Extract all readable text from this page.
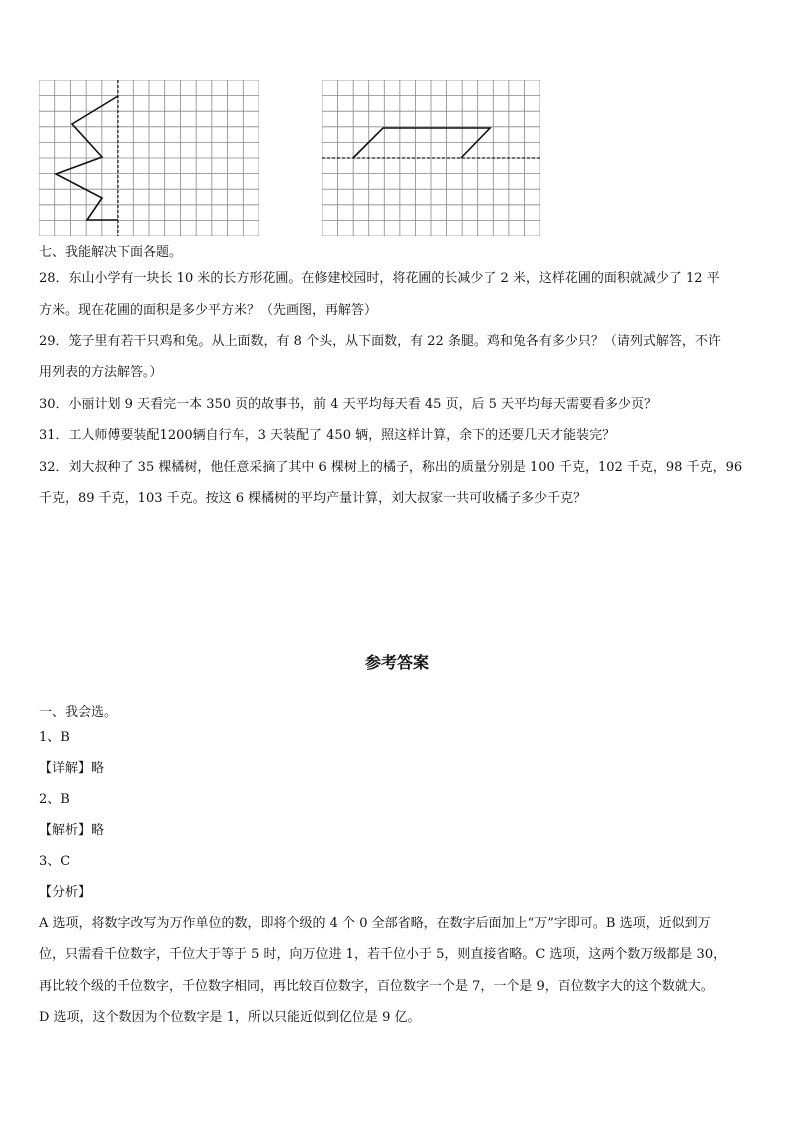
七、我能解决下面各题。
28．东山小学有一块长 10 米的长方形花圃。在修建校园时，将花圃的长减少了 2 米，这样花圃的面积就减少了 12 平
方米。现在花圃的面积是多少平方米？（先画图，再解答）
29．笼子里有若干只鸡和兔。从上面数，有 8 个头，从下面数，有 22 条腿。鸡和兔各有多少只？（请列式解答，不许
用列表的方法解答。）
30．小丽计划 9 天看完一本 350 页的故事书，前 4 天平均每天看 45 页，后 5 天平均每天需要看多少页？
31．工人师傅要装配1200辆自行车，3 天装配了 450 辆，照这样计算，余下的还要几天才能装完？
32．刘大叔种了 35 棵橘树，他任意采摘了其中 6 棵树上的橘子，称出的质量分别是 100 千克，102 千克，98 千克，96
千克，89 千克，103 千克。按这 6 棵橘树的平均产量计算，刘大叔家一共可收橘子多少千克？
参考答案
一、我会选。
1、B
【详解】略
2、B
【解析】略
3、C
【分析】
A 选项，将数字改写为万作单位的数，即将个级的 4 个 0 全部省略，在数字后面加上“万”字即可。B 选项，近似到万
位，只需看千位数字，千位大于等于 5 时，向万位进 1，若千位小于 5，则直接省略。C 选项，这两个数万级都是 30，
再比较个级的千位数字，千位数字相同，再比较百位数字，百位数字一个是 7，一个是 9，百位数字大的这个数就大。
D 选项，这个数因为个位数字是 1，所以只能近似到亿位是 9 亿。
